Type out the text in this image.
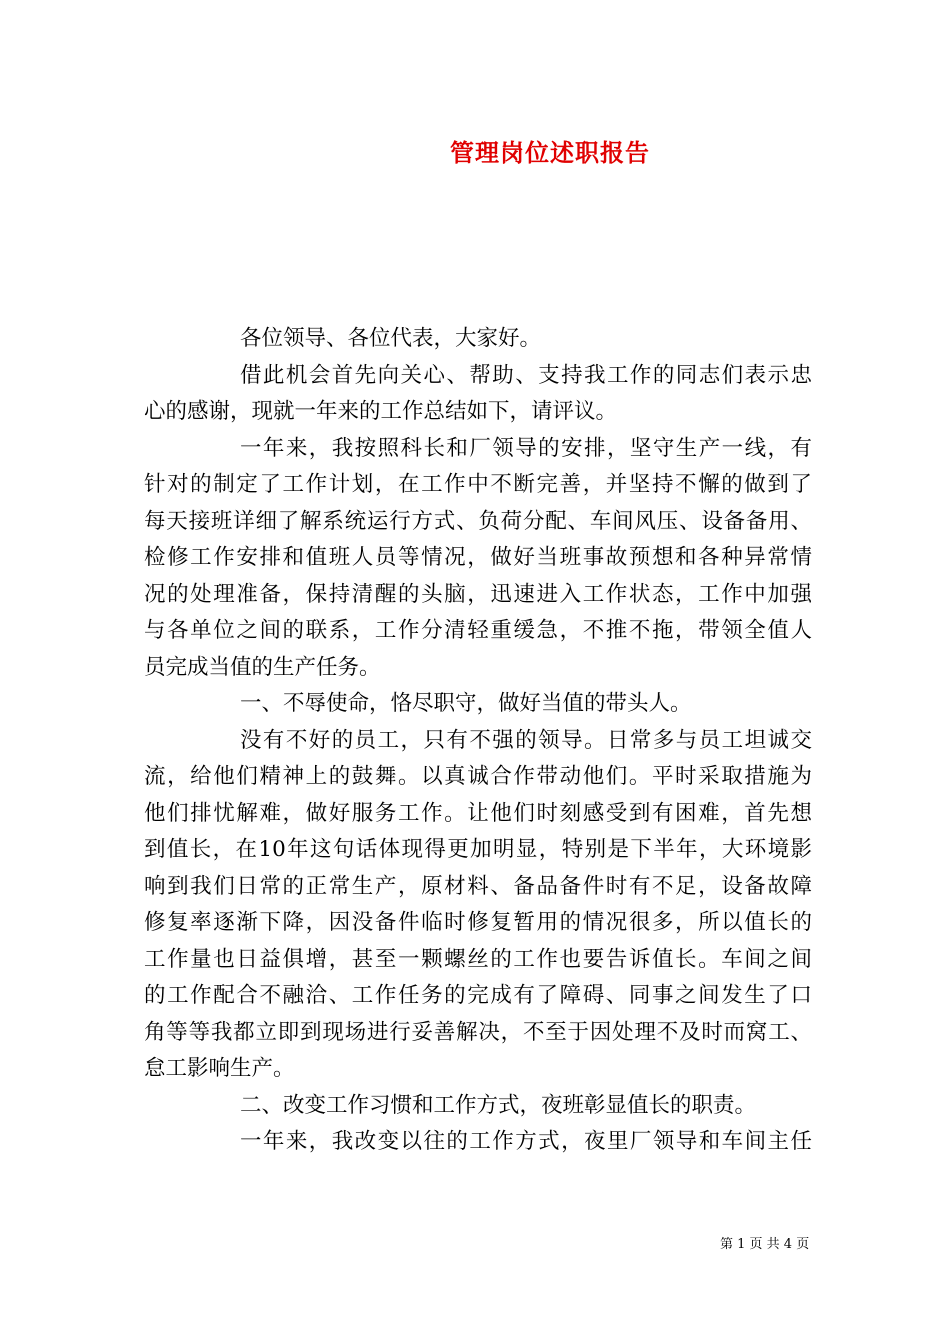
管理岗位述职报告
各位领导、各位代表，大家好。
借此机会首先向关心、帮助、支持我工作的同志们表示忠
心的感谢，现就一年来的工作总结如下，请评议。
一年来，我按照科长和厂领导的安排，坚守生产一线，有
针对的制定了工作计划，在工作中不断完善，并坚持不懈的做到了
每天接班详细了解系统运行方式、负荷分配、车间风压、设备备用、
检修工作安排和值班人员等情况，做好当班事故预想和各种异常情
况的处理准备，保持清醒的头脑，迅速进入工作状态，工作中加强
与各单位之间的联系，工作分清轻重缓急，不推不拖，带领全值人
员完成当值的生产任务。
一、不辱使命，恪尽职守，做好当值的带头人。
没有不好的员工，只有不强的领导。日常多与员工坦诚交
流，给他们精神上的鼓舞。以真诚合作带动他们。平时采取措施为
他们排忧解难，做好服务工作。让他们时刻感受到有困难，首先想
到值长，在10年这句话体现得更加明显，特别是下半年，大环境影
响到我们日常的正常生产，原材料、备品备件时有不足，设备故障
修复率逐渐下降，因没备件临时修复暂用的情况很多，所以值长的
工作量也日益俱增，甚至一颗螺丝的工作也要告诉值长。车间之间
的工作配合不融洽、工作任务的完成有了障碍、同事之间发生了口
角等等我都立即到现场进行妥善解决，不至于因处理不及时而窝工、
怠工影响生产。
二、改变工作习惯和工作方式，夜班彰显值长的职责。
一年来，我改变以往的工作方式，夜里厂领导和车间主任
第 1 页 共 4 页
